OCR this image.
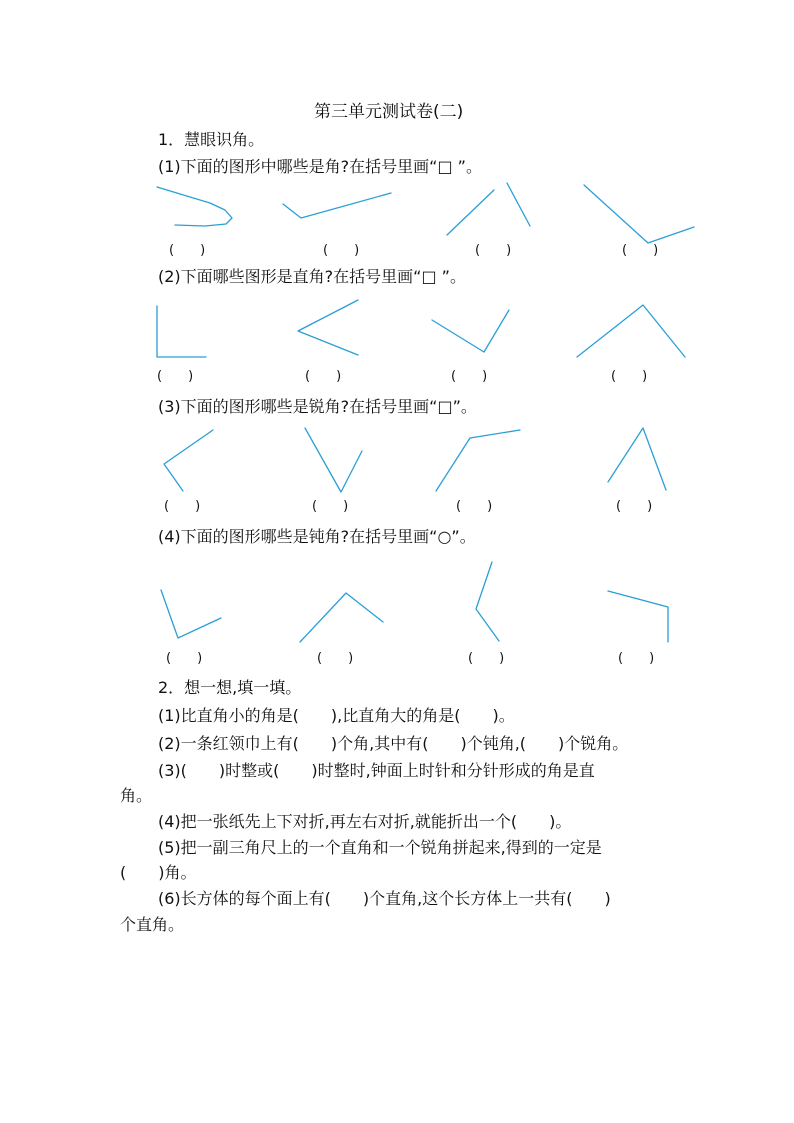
第三单元测试卷(二)
1．慧眼识角。
(1)下面的图形中哪些是角?在括号里画“□ ”。
(　　)	(　　)	(　　)	(　　)
(2)下面哪些图形是直角?在括号里画“□ ”。
(　　)	(　　)	(　　)	(　　)
(3)下面的图形哪些是锐角?在括号里画“□”。
(　　)	(　　)	(　　)	(　　)
(4)下面的图形哪些是钝角?在括号里画“○”。
(　　)	(　　)	(　　)	(　　)
2．想一想,填一填。
(1)比直角小的角是(　　),比直角大的角是(　　)。
(2)一条红领巾上有(　　)个角,其中有(　　)个钝角,(　　)个锐角。
(3)(　　)时整或(　　)时整时,钟面上时针和分针形成的角是直
角。
(4)把一张纸先上下对折,再左右对折,就能折出一个(　　)。
(5)把一副三角尺上的一个直角和一个锐角拼起来,得到的一定是
(　　)角。
(6)长方体的每个面上有(　　)个直角,这个长方体上一共有(　　)
个直角。
